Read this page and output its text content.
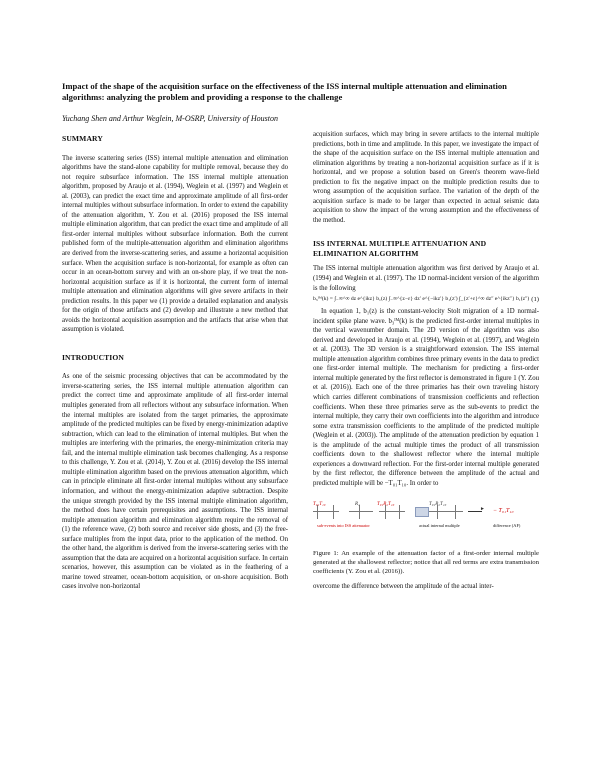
Impact of the shape of the acquisition surface on the effectiveness of the ISS internal multiple attenuation and elimination algorithms: analyzing the problem and providing a response to the challenge
Yuchang Shen and Arthur Weglein, M-OSRP, University of Houston
SUMMARY

The inverse scattering series (ISS) internal multiple attenuation and elimination algorithms have the stand-alone capability for multiple removal, because they do not require subsurface information. The ISS internal multiple attenuation algorithm, proposed by Araujo et al. (1994), Weglein et al. (1997) and Weglein et al. (2003), can predict the exact time and approximate amplitude of all first-order internal multiples without subsurface information. In order to extend the capability of the attenuation algorithm, Y. Zou et al. (2016) proposed the ISS internal multiple elimination algorithm, that can predict the exact time and amplitude of all first-order internal multiples without subsurface information. Both the current published form of the multiple-attenuation algorithm and elimination algorithms are derived from the inverse-scattering series, and assume a horizontal acquisition surface. When the acquisition surface is non-horizontal, for example as often can occur in an ocean-bottom survey and with an on-shore play, if we treat the non-horizontal acquisition surface as if it is horizontal, the current form of internal multiple attenuation and elimination algorithms will give severe artifacts in their prediction results. In this paper we (1) provide a detailed explanation and analysis for the origin of those artifacts and (2) develop and illustrate a new method that avoids the horizontal acquisition assumption and the artifacts that arise when that assumption is violated.

INTRODUCTION

As one of the seismic processing objectives that can be accommodated by the inverse-scattering series, the ISS internal multiple attenuation algorithm can predict the correct time and approximate amplitude of all first-order internal multiples generated from all reflectors without any subsurface information. When the internal multiples are isolated from the target primaries, the approximate amplitude of the predicted multiples can be fixed by energy-minimization adaptive subtraction, which can lead to the elimination of internal multiples. But when the multiples are interfering with the primaries, the energy-minimization criteria may fail, and the internal multiple elimination task becomes challenging. As a response to this challenge, Y. Zou et al. (2014), Y. Zou et al. (2016) develop the ISS internal multiple elimination algorithm based on the previous attenuation algorithm, which can in principle eliminate all first-order internal multiples without any subsurface information, and without the energy-minimization adaptive subtraction. Despite the unique strength provided by the ISS internal multiple elimination algorithm, the method does have certain prerequisites and assumptions. The ISS internal multiple attenuation algorithm and elimination algorithm require the removal of (1) the reference wave, (2) both source and receiver side ghosts, and (3) the free-surface multiples from the input data, prior to the application of the method. On the other hand, the algorithm is derived from the inverse-scattering series with the assumption that the data are acquired on a horizontal acquisition surface. In certain scenarios, however, this assumption can be violated as in the feathering of a marine towed streamer, ocean-bottom acquisition, or on-shore acquisition. Both cases involve non-horizontal

acquisition surfaces, which may bring in severe artifacts to the internal multiple predictions, both in time and amplitude. In this paper, we investigate the impact of the shape of the acquisition surface on the ISS internal multiple attenuation and elimination algorithms by treating a non-horizontal acquisition surface as if it is horizontal, and we propose a solution based on Green's theorem wave-field prediction to fix the negative impact on the multiple prediction results due to wrong assumption of the acquisition surface. The variation of the depth of the acquisition surface is made to be larger than expected in actual seismic data acquisition to show the impact of the wrong assumption and the effectiveness of the method.

ISS INTERNAL MULTIPLE ATTENUATION AND ELIMINATION ALGORITHM

The ISS internal multiple attenuation algorithm was first derived by Araujo et al. (1994) and Weglein et al. (1997). The 1D normal-incident version of the algorithm is the following

b₃ᴵᴹ(k) = ∫₋∞^∞ dz e^{ikz} b₁(z) ∫₋∞^{z−ε} dz′ e^{−ikz′} b₁(z′) ∫_{z′+ε}^∞ dz″ e^{ikz″} b₁(z″) (1)

In equation 1, b₁(z) is the constant-velocity Stolt migration of a 1D normal-incident spike plane wave. b₃ᴵᴹ(k) is the predicted first-order internal multiples in the vertical wavenumber domain. The 2D version of the algorithm was also derived and developed in Araujo et al. (1994), Weglein et al. (1997), and Weglein et al. (2003). The 3D version is a straightforward extension. The ISS internal multiple attenuation algorithm combines three primary events in the data to predict one first-order internal multiple. The mechanism for predicting a first-order internal multiple generated by the first reflector is demonstrated in figure 1 (Y. Zou et al. (2016)). Each one of the three primaries has their own traveling history which carries different combinations of transmission coefficients and reflection coefficients. When these three primaries serve as the sub-events to predict the internal multiple, they carry their own coefficients into the algorithm and introduce some extra transmission coefficients to the amplitude of the predicted multiple (Weglein et al. (2003)). The amplitude of the attenuation prediction by equation 1 is the amplitude of the actual multiple times the product of all transmission coefficients down to the shallowest reflector where the internal multiple experiences a downward reflection. For the first-order internal multiple generated by the first reflector, the difference between the amplitude of the actual and predicted multiple will be −T₀₁T₁₀. In order to

T₀₁T₁₀	R₁	T₀₁R₂T₁₀	T₀₁R₂T₁₀
► − T₀₁T₁₀
sub-events into ISS attenuator	actual internal multiple	difference (AF)

Figure 1: An example of the attenuation factor of a first-order internal multiple generated at the shallowest reflector; notice that all red terms are extra transmission coefficients (Y. Zou et al. (2016)).

overcome the difference between the amplitude of the actual inter-
